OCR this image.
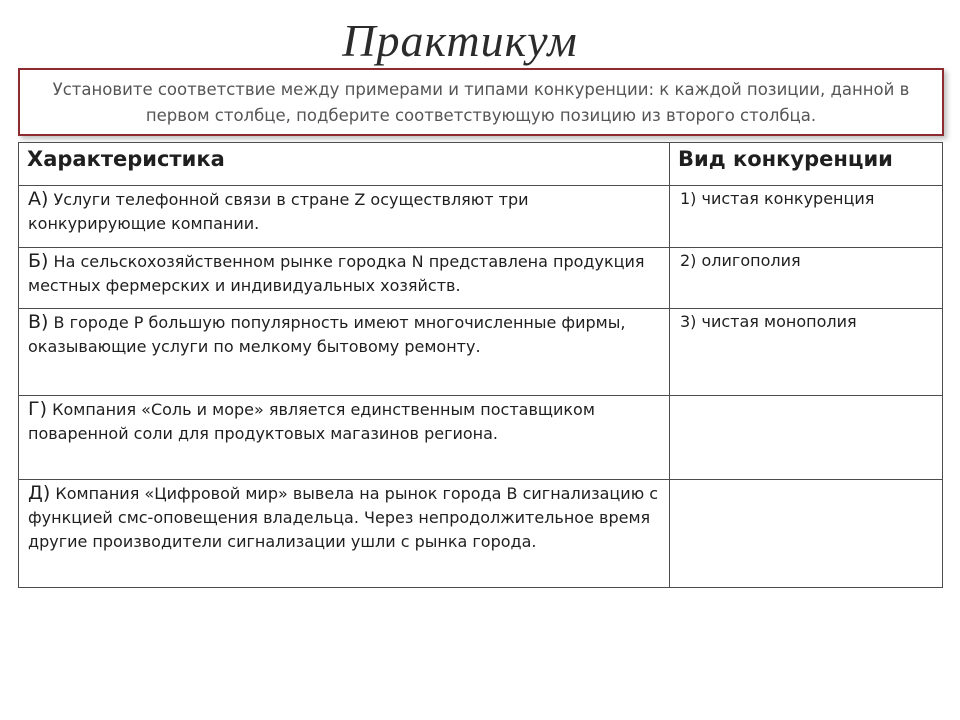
Практикум
Установите соответствие между примерами и типами конкуренции: к каждой позиции, данной в первом столбце, подберите соответствующую позицию из второго столбца.
Характеристика	Вид конкуренции
А) Услуги телефонной связи в стране Z осуществляют три конкурирующие компании.	1) чистая конкуренция
Б) На сельскохозяйственном рынке городка N представлена продукция местных фермерских и индивидуальных хозяйств.	2) олигополия
В) В городе P большую популярность имеют многочисленные фирмы, оказывающие услуги по мелкому бытовому ремонту.	3) чистая монополия
Г) Компания «Соль и море» является единственным поставщиком поваренной соли для продуктовых магазинов региона.	
Д) Компания «Цифровой мир» вывела на рынок города В сигнализацию с функцией смс-оповещения владельца. Через непродолжительное время другие производители сигнализации ушли с рынка города.	
